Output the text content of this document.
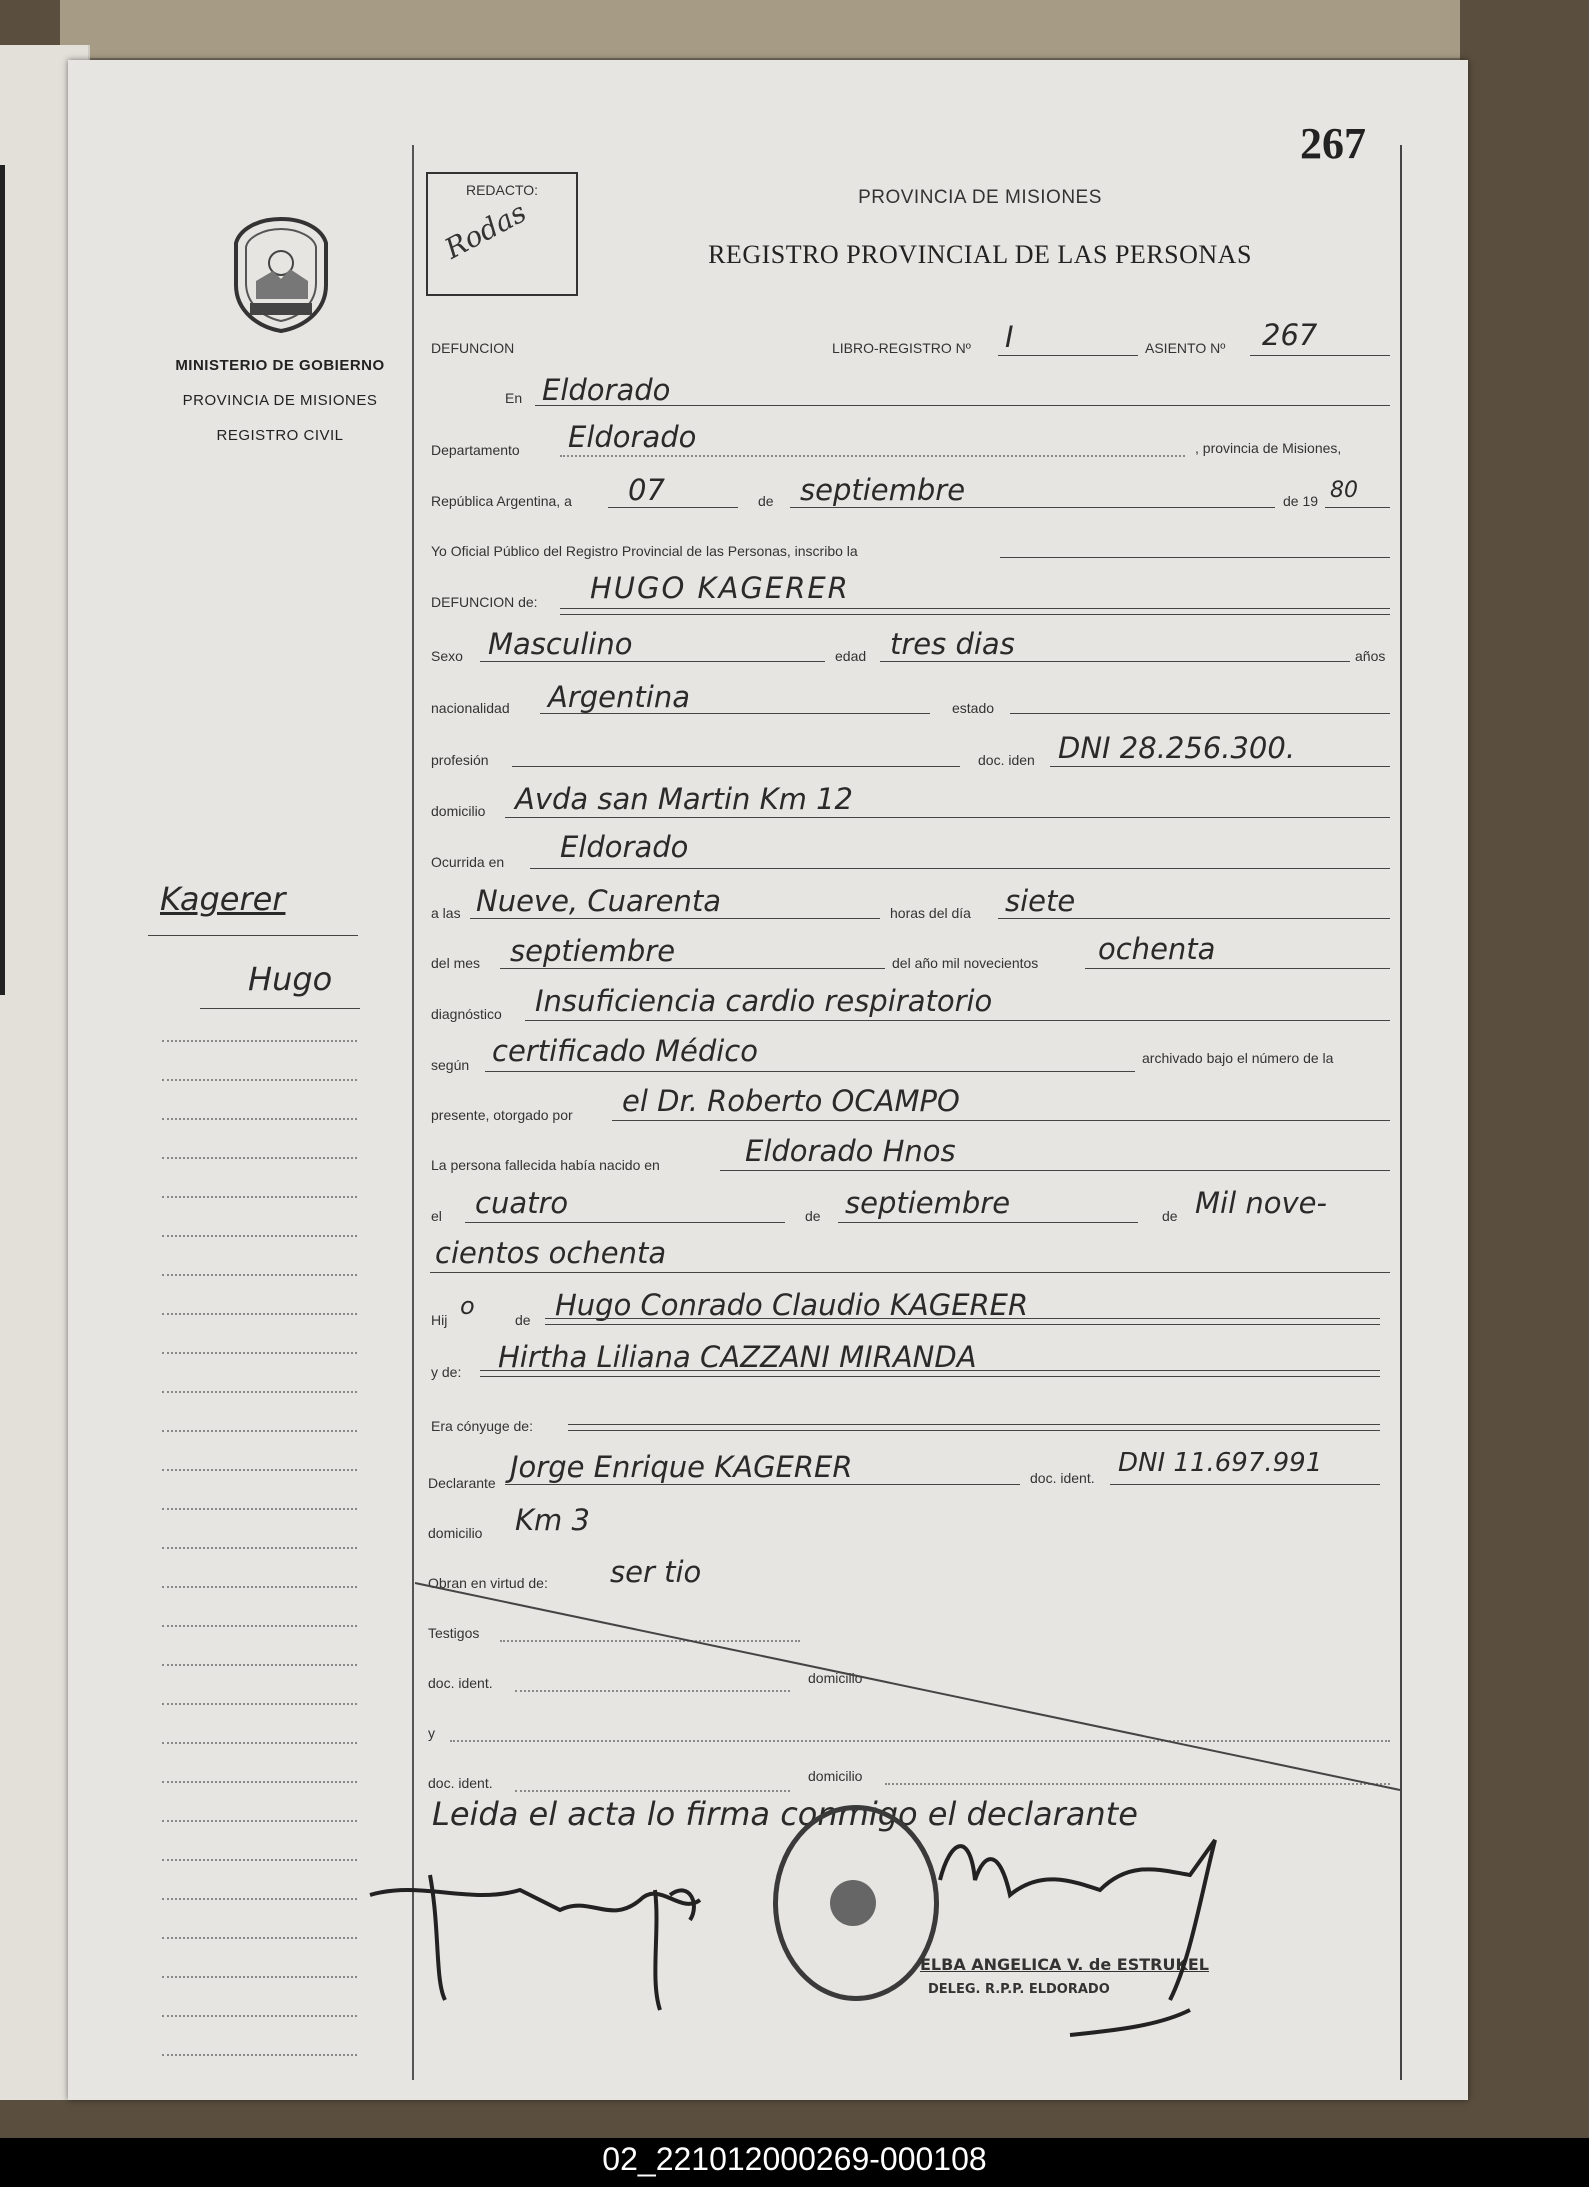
267
MINISTERIO DE GOBIERNO
PROVINCIA DE MISIONES
REGISTRO CIVIL
REDACTO:
Rodas	PROVINCIA DE MISIONES
REGISTRO PROVINCIAL DE LAS PERSONAS
Kagerer
Hugo
DEFUNCION	LIBRO-REGISTRO Nº I	ASIENTO Nº 267
En Eldorado
Departamento Eldorado	, provincia de Misiones,
República Argentina, a 07	de septiembre	de 19 80
Yo Oficial Público del Registro Provincial de las Personas, inscribo la
DEFUNCION de: HUGO KAGERER
Sexo Masculino	edad tres dias	años
nacionalidad Argentina	estado
profesión	doc. iden DNI 28.256.300.
domicilio Avda san Martin Km 12
Ocurrida en Eldorado
a las Nueve, Cuarenta	horas del día siete
del mes septiembre	del año mil novecientos ochenta
diagnóstico Insuficiencia cardio respiratorio
según certificado Médico	archivado bajo el número de la
presente, otorgado por el Dr. Roberto OCAMPO
La persona fallecida había nacido en	Eldorado Hnos
el cuatro	de septiembre	de Mil nove-
cientos ochenta
Hij o	de Hugo Conrado Claudio KAGERER
y de: Hirtha Liliana CAZZANI MIRANDA
Era cónyuge de:
Declarante Jorge Enrique KAGERER	doc. ident. DNI 11.697.991
domicilio Km 3
Obran en virtud de: ser tio
Testigos
doc. ident.	domicilio
y
doc. ident.	domicilio
Leida el acta lo firma conmigo el declarante
ELBA ANGELICA V. de ESTRUKEL
DELEG. R.P.P. ELDORADO
02_221012000269-000108
